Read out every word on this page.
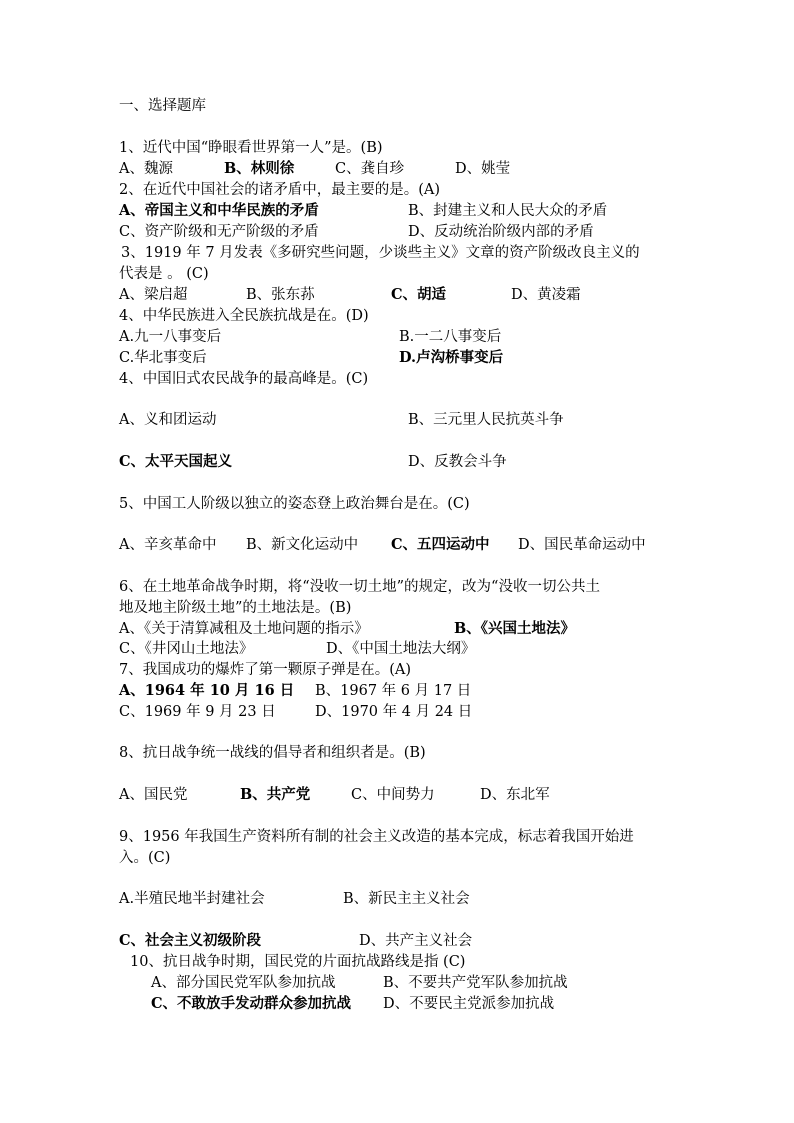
一、选择题库
1、近代中国“睁眼看世界第一人”是。(B)
A、魏源	B、林则徐	C、龚自珍	D、姚莹
2、在近代中国社会的诸矛盾中，最主要的是。(A)
A、帝国主义和中华民族的矛盾	B、封建主义和人民大众的矛盾
C、资产阶级和无产阶级的矛盾	D、反动统治阶级内部的矛盾
3、1919 年 7 月发表《多研究些问题，少谈些主义》文章的资产阶级改良主义的
代表是 。 (C)
A、梁启超	B、张东荪	C、胡适	D、黄凌霜
4、中华民族进入全民族抗战是在。(D)
A.九一八事变后	B.一二八事变后
C.华北事变后	D.卢沟桥事变后
4、中国旧式农民战争的最高峰是。(C)
A、义和团运动	B、三元里人民抗英斗争
C、太平天国起义	D、反教会斗争
5、中国工人阶级以独立的姿态登上政治舞台是在。(C)
A、辛亥革命中 B、新文化运动中 C、五四运动中 D、国民革命运动中
6、在土地革命战争时期，将“没收一切土地”的规定，改为“没收一切公共土
地及地主阶级土地”的土地法是。(B)
A、《关于清算减租及土地问题的指示》	B、《兴国土地法》
C、《井冈山土地法》	D、《中国土地法大纲》
7、我国成功的爆炸了第一颗原子弹是在。(A)
A、1964 年 10 月 16 日 B、1967 年 6 月 17 日
C、1969 年 9 月 23 日	D、1970 年 4 月 24 日
8、抗日战争统一战线的倡导者和组织者是。(B)
A、国民党	B、共产党	C、中间势力	D、东北军
9、1956 年我国生产资料所有制的社会主义改造的基本完成，标志着我国开始进
入。(C)
A.半殖民地半封建社会	B、新民主主义社会
C、社会主义初级阶段	D、共产主义社会
10、抗日战争时期，国民党的片面抗战路线是指 (C)
A、部分国民党军队参加抗战	B、不要共产党军队参加抗战
C、不敢放手发动群众参加抗战 D、不要民主党派参加抗战
